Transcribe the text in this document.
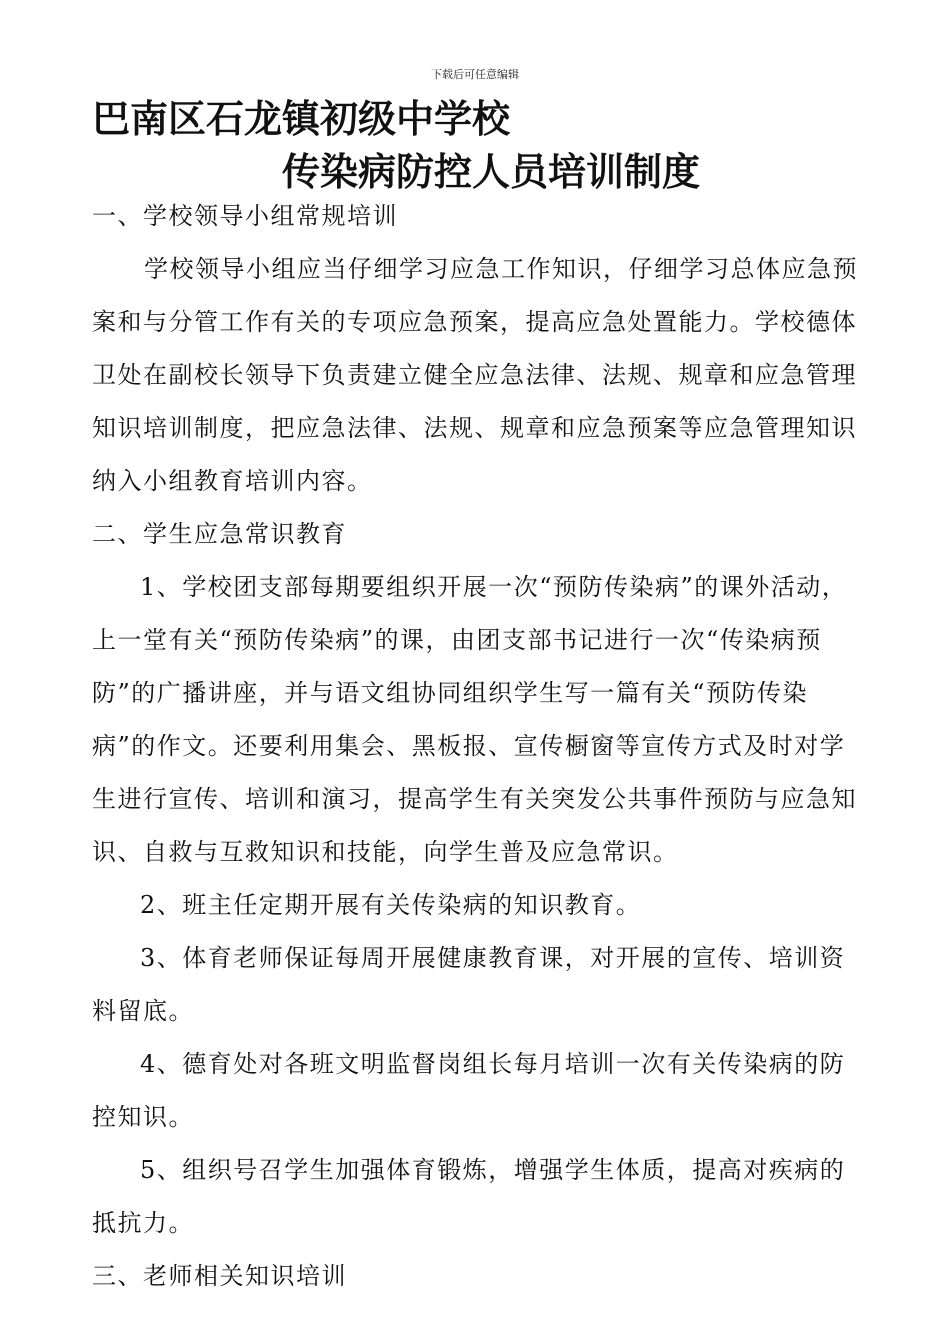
下载后可任意编辑
巴南区石龙镇初级中学校
传染病防控人员培训制度

一、学校领导小组常规培训

学校领导小组应当仔细学习应急工作知识，仔细学习总体应急预案和与分管工作有关的专项应急预案，提高应急处置能力。学校德体卫处在副校长领导下负责建立健全应急法律、法规、规章和应急管理知识培训制度，把应急法律、法规、规章和应急预案等应急管理知识纳入小组教育培训内容。

二、学生应急常识教育

1、学校团支部每期要组织开展一次“预防传染病”的课外活动，上一堂有关“预防传染病”的课，由团支部书记进行一次“传染病预防”的广播讲座，并与语文组协同组织学生写一篇有关“预防传染病”的作文。还要利用集会、黑板报、宣传橱窗等宣传方式及时对学生进行宣传、培训和演习，提高学生有关突发公共事件预防与应急知识、自救与互救知识和技能，向学生普及应急常识。

2、班主任定期开展有关传染病的知识教育。

3、体育老师保证每周开展健康教育课，对开展的宣传、培训资料留底。

4、德育处对各班文明监督岗组长每月培训一次有关传染病的防控知识。

5、组织号召学生加强体育锻炼，增强学生体质，提高对疾病的抵抗力。

三、老师相关知识培训
